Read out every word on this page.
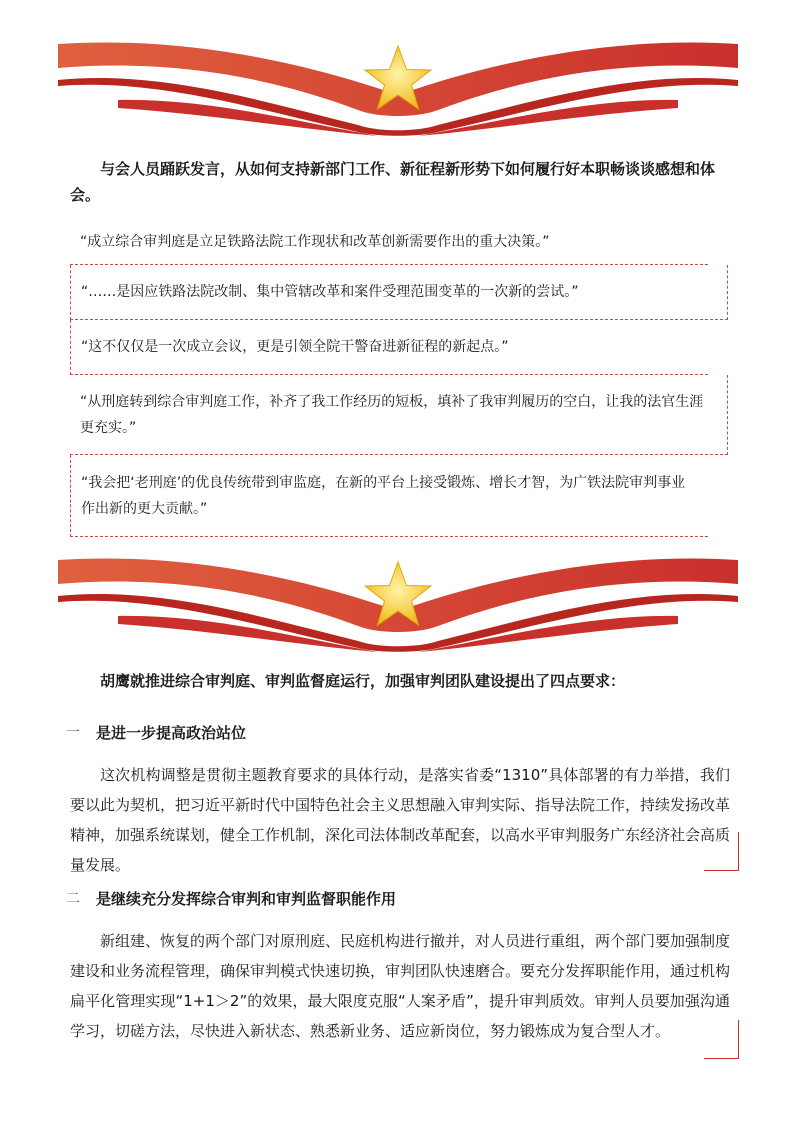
与会人员踊跃发言，从如何支持新部门工作、新征程新形势下如何履行好本职畅谈谈感想和体会。

“成立综合审判庭是立足铁路法院工作现状和改革创新需要作出的重大决策。”
“……是因应铁路法院改制、集中管辖改革和案件受理范围变革的一次新的尝试。”
“这不仅仅是一次成立会议，更是引领全院干警奋进新征程的新起点。”
“从刑庭转到综合审判庭工作，补齐了我工作经历的短板，填补了我审判履历的空白，让我的法官生涯更充实。”
“我会把‘老刑庭’的优良传统带到审监庭，在新的平台上接受锻炼、增长才智，为广铁法院审判事业作出新的更大贡献。”

胡鹰就推进综合审判庭、审判监督庭运行，加强审判团队建设提出了四点要求：

一	是进一步提高政治站位

这次机构调整是贯彻主题教育要求的具体行动，是落实省委“1310”具体部署的有力举措，我们要以此为契机，把习近平新时代中国特色社会主义思想融入审判实际、指导法院工作，持续发扬改革精神，加强系统谋划，健全工作机制，深化司法体制改革配套，以高水平审判服务广东经济社会高质量发展。

二	是继续充分发挥综合审判和审判监督职能作用

新组建、恢复的两个部门对原刑庭、民庭机构进行撤并，对人员进行重组，两个部门要加强制度建设和业务流程管理，确保审判模式快速切换，审判团队快速磨合。要充分发挥职能作用，通过机构扁平化管理实现“1+1＞2”的效果，最大限度克服“人案矛盾”，提升审判质效。审判人员要加强沟通学习，切磋方法，尽快进入新状态、熟悉新业务、适应新岗位，努力锻炼成为复合型人才。
